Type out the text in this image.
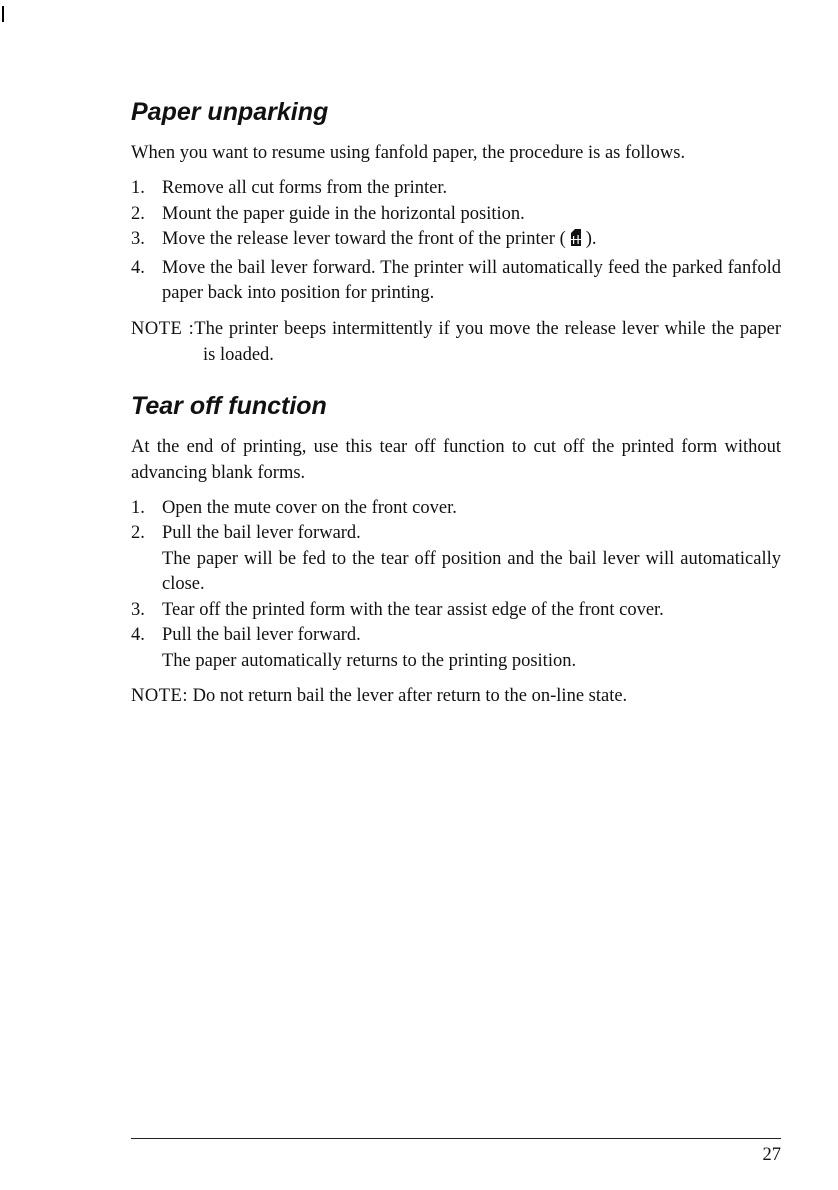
Paper unparking

When you want to resume using fanfold paper, the procedure is as follows.

1. Remove all cut forms from the printer.
2. Mount the paper guide in the horizontal position.
3. Move the release lever toward the front of the printer ( ).
4. Move the bail lever forward. The printer will automatically feed the parked fanfold paper back into position for printing.

NOTE :The printer beeps intermittently if you move the release lever while the paper is loaded.

Tear off function

At the end of printing, use this tear off function to cut off the printed form without advancing blank forms.

1. Open the mute cover on the front cover.
2. Pull the bail lever forward.
The paper will be fed to the tear off position and the bail lever will automatically close.
3. Tear off the printed form with the tear assist edge of the front cover.
4. Pull the bail lever forward.
The paper automatically returns to the printing position.

NOTE: Do not return bail the lever after return to the on-line state.

27
